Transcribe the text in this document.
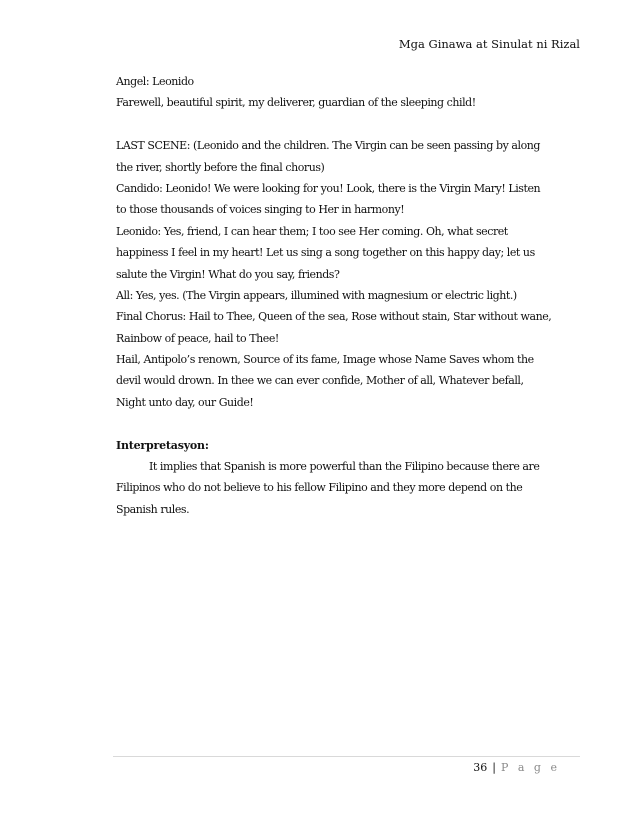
Mga Ginawa at Sinulat ni Rizal
Angel: Leonido
Farewell, beautiful spirit, my deliverer, guardian of the sleeping child!
LAST SCENE: (Leonido and the children. The Virgin can be seen passing by along
the river, shortly before the final chorus)
Candido: Leonido! We were looking for you! Look, there is the Virgin Mary! Listen
to those thousands of voices singing to Her in harmony!
Leonido: Yes, friend, I can hear them; I too see Her coming. Oh, what secret
happiness I feel in my heart! Let us sing a song together on this happy day; let us
salute the Virgin! What do you say, friends?
All: Yes, yes. (The Virgin appears, illumined with magnesium or electric light.)
Final Chorus: Hail to Thee, Queen of the sea, Rose without stain, Star without wane,
Rainbow of peace, hail to Thee!
Hail, Antipolo’s renown, Source of its fame, Image whose Name Saves whom the
devil would drown. In thee we can ever confide, Mother of all, Whatever befall,
Night unto day, our Guide!
Interpretasyon:
It implies that Spanish is more powerful than the Filipino because there are
Filipinos who do not believe to his fellow Filipino and they more depend on the
Spanish rules.
36 | P a g e
